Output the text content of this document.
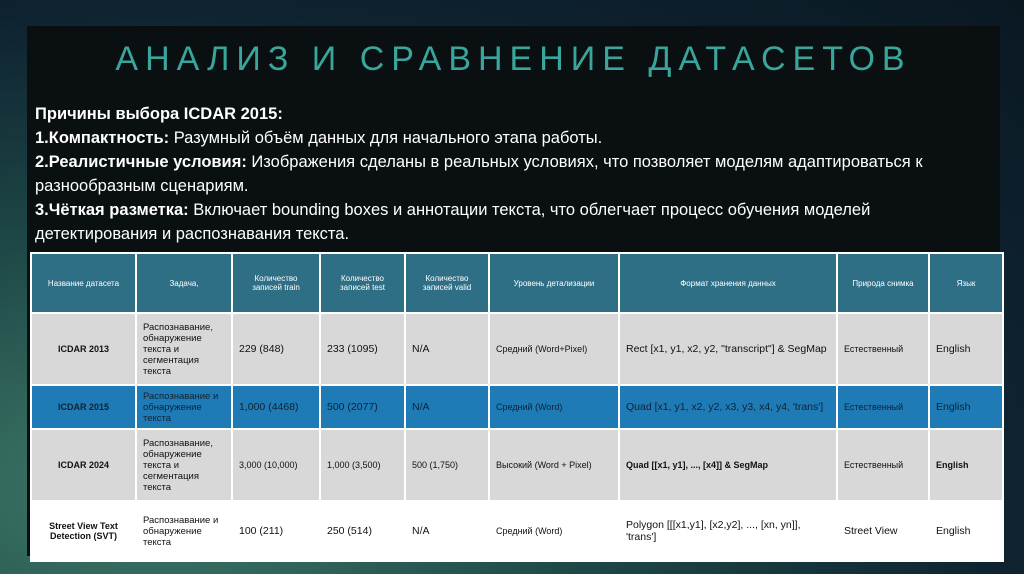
АНАЛИЗ И СРАВНЕНИЕ ДАТАСЕТОВ
Причины выбора ICDAR 2015:
1.Компактность: Разумный объём данных для начального этапа работы.
2.Реалистичные условия: Изображения сделаны в реальных условиях, что позволяет моделям адаптироваться к разнообразным сценариям.
3.Чёткая разметка: Включает bounding boxes и аннотации текста, что облегчает процесс обучения моделей детектирования и распознавания текста.
Название датасета	Задача,	Количество записей train	Количество записей test	Количество записей valid	Уровень детализации	Формат хранения данных	Природа снимка	Язык
ICDAR 2013	Распознавание, обнаружение текста и сегментация текста	229 (848)	233 (1095)	N/A	Средний (Word+Pixel)	Rect [x1, y1, x2, y2, "transcript"] & SegMap	Естественный	English
ICDAR 2015	Распознавание и обнаружение текста	1,000 (4468)	500 (2077)	N/A	Средний (Word)	Quad [x1, y1, x2, y2, x3, y3, x4, y4, 'trans']	Естественный	English
ICDAR 2024	Распознавание, обнаружение текста и сегментация текста	3,000 (10,000)	1,000 (3,500)	500 (1,750)	Высокий (Word + Pixel)	Quad [[x1, y1], ..., [x4]] & SegMap	Естественный	English
Street View Text Detection (SVT)	Распознавание и обнаружение текста	100 (211)	250 (514)	N/A	Средний (Word)	Polygon [[[x1,y1], [x2,y2], ..., [xn, yn]], 'trans']	Street View	English
